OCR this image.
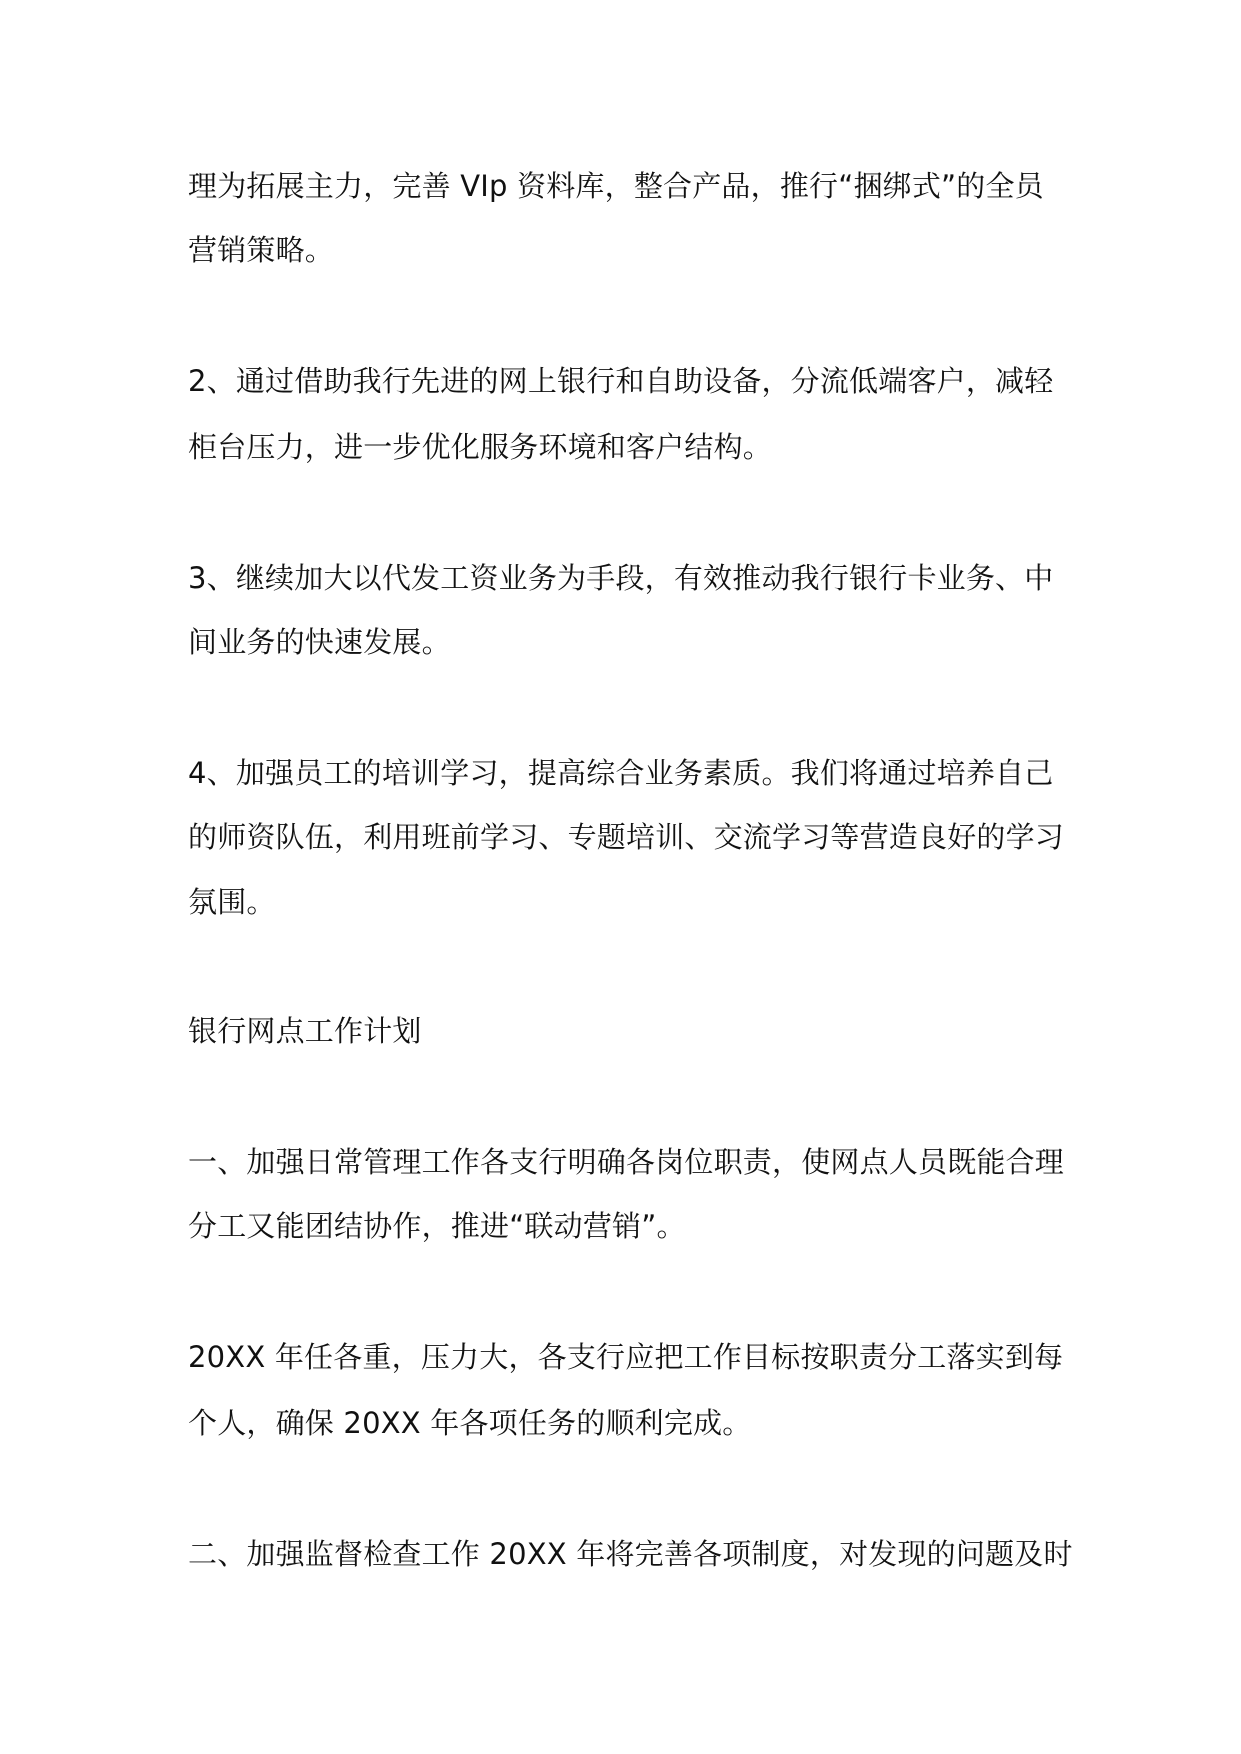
理为拓展主力，完善 VIp 资料库，整合产品，推行“捆绑式”的全员
营销策略。
2、通过借助我行先进的网上银行和自助设备，分流低端客户，减轻
柜台压力，进一步优化服务环境和客户结构。
3、继续加大以代发工资业务为手段，有效推动我行银行卡业务、中
间业务的快速发展。
4、加强员工的培训学习，提高综合业务素质。我们将通过培养自己
的师资队伍，利用班前学习、专题培训、交流学习等营造良好的学习
氛围。
银行网点工作计划
一、加强日常管理工作各支行明确各岗位职责，使网点人员既能合理
分工又能团结协作，推进“联动营销”。
20XX 年任各重，压力大，各支行应把工作目标按职责分工落实到每
个人，确保 20XX 年各项任务的顺利完成。
二、加强监督检查工作 20XX 年将完善各项制度，对发现的问题及时
